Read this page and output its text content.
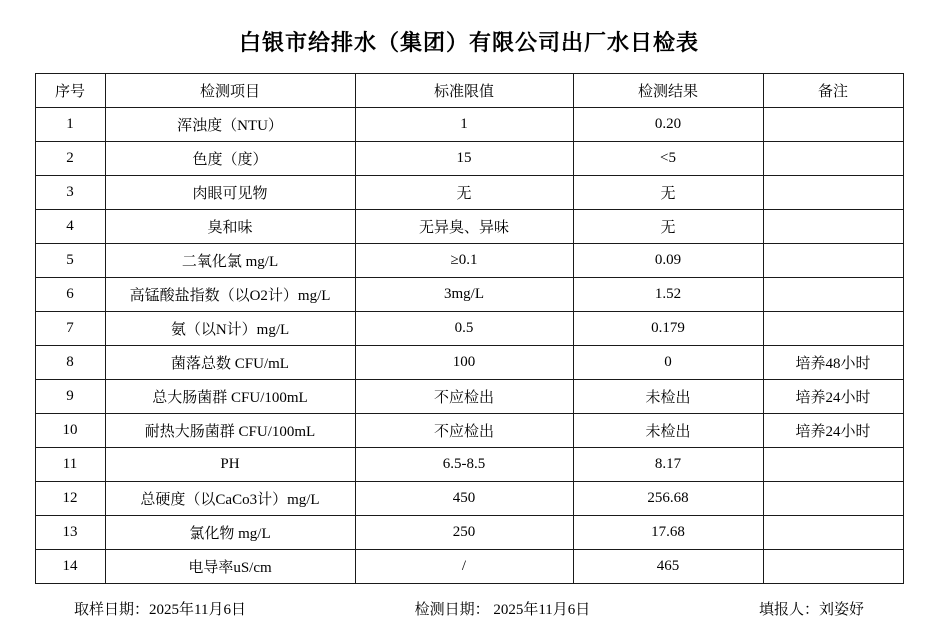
白银市给排水（集团）有限公司出厂水日检表
序号	检测项目	标准限值	检测结果	备注
1	浑浊度（NTU）	1	0.20	
2	色度（度）	15	<5	
3	肉眼可见物	无	无	
4	臭和味	无异臭、异味	无	
5	二氧化氯 mg/L	≥0.1	0.09	
6	高锰酸盐指数（以O2计）mg/L	3mg/L	1.52	
7	氨（以N计）mg/L	0.5	0.179	
8	菌落总数 CFU/mL	100	0	培养48小时
9	总大肠菌群 CFU/100mL	不应检出	未检出	培养24小时
10	耐热大肠菌群 CFU/100mL	不应检出	未检出	培养24小时
11	PH	6.5-8.5	8.17	
12	总硬度（以CaCo3计）mg/L	450	256.68	
13	氯化物 mg/L	250	17.68	
14	电导率uS/cm	/	465	
取样日期：2025年11月6日	检测日期： 2025年11月6日	填报人：刘姿妤
